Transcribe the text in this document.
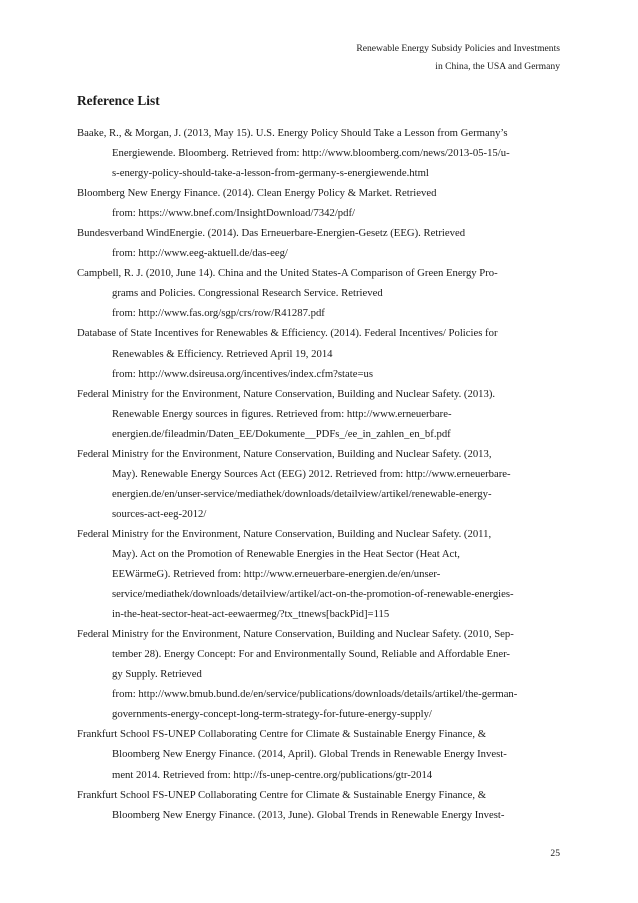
Renewable Energy Subsidy Policies and Investments
in China, the USA and Germany
Reference List
Baake, R., & Morgan, J. (2013, May 15). U.S. Energy Policy Should Take a Lesson from Germany’s
Energiewende. Bloomberg. Retrieved from: http://www.bloomberg.com/news/2013-05-15/u-
s-energy-policy-should-take-a-lesson-from-germany-s-energiewende.html
Bloomberg New Energy Finance. (2014). Clean Energy Policy & Market. Retrieved
from: https://www.bnef.com/InsightDownload/7342/pdf/
Bundesverband WindEnergie. (2014). Das Erneuerbare-Energien-Gesetz (EEG). Retrieved
from: http://www.eeg-aktuell.de/das-eeg/
Campbell, R. J. (2010, June 14). China and the United States-A Comparison of Green Energy Pro-
grams and Policies. Congressional Research Service. Retrieved
from: http://www.fas.org/sgp/crs/row/R41287.pdf
Database of State Incentives for Renewables & Efficiency. (2014). Federal Incentives/ Policies for
Renewables & Efficiency. Retrieved April 19, 2014
from: http://www.dsireusa.org/incentives/index.cfm?state=us
Federal Ministry for the Environment, Nature Conservation, Building and Nuclear Safety. (2013).
Renewable Energy sources in figures. Retrieved from: http://www.erneuerbare-
energien.de/fileadmin/Daten_EE/Dokumente__PDFs_/ee_in_zahlen_en_bf.pdf
Federal Ministry for the Environment, Nature Conservation, Building and Nuclear Safety. (2013,
May). Renewable Energy Sources Act (EEG) 2012. Retrieved from: http://www.erneuerbare-
energien.de/en/unser-service/mediathek/downloads/detailview/artikel/renewable-energy-
sources-act-eeg-2012/
Federal Ministry for the Environment, Nature Conservation, Building and Nuclear Safety. (2011,
May). Act on the Promotion of Renewable Energies in the Heat Sector (Heat Act,
EEWärmeG). Retrieved from: http://www.erneuerbare-energien.de/en/unser-
service/mediathek/downloads/detailview/artikel/act-on-the-promotion-of-renewable-energies-
in-the-heat-sector-heat-act-eewaermeg/?tx_ttnews[backPid]=115
Federal Ministry for the Environment, Nature Conservation, Building and Nuclear Safety. (2010, Sep-
tember 28). Energy Concept: For and Environmentally Sound, Reliable and Affordable Ener-
gy Supply. Retrieved
from: http://www.bmub.bund.de/en/service/publications/downloads/details/artikel/the-german-
governments-energy-concept-long-term-strategy-for-future-energy-supply/
Frankfurt School FS-UNEP Collaborating Centre for Climate & Sustainable Energy Finance, &
Bloomberg New Energy Finance. (2014, April). Global Trends in Renewable Energy Invest-
ment 2014. Retrieved from: http://fs-unep-centre.org/publications/gtr-2014
Frankfurt School FS-UNEP Collaborating Centre for Climate & Sustainable Energy Finance, &
Bloomberg New Energy Finance. (2013, June). Global Trends in Renewable Energy Invest-
25
